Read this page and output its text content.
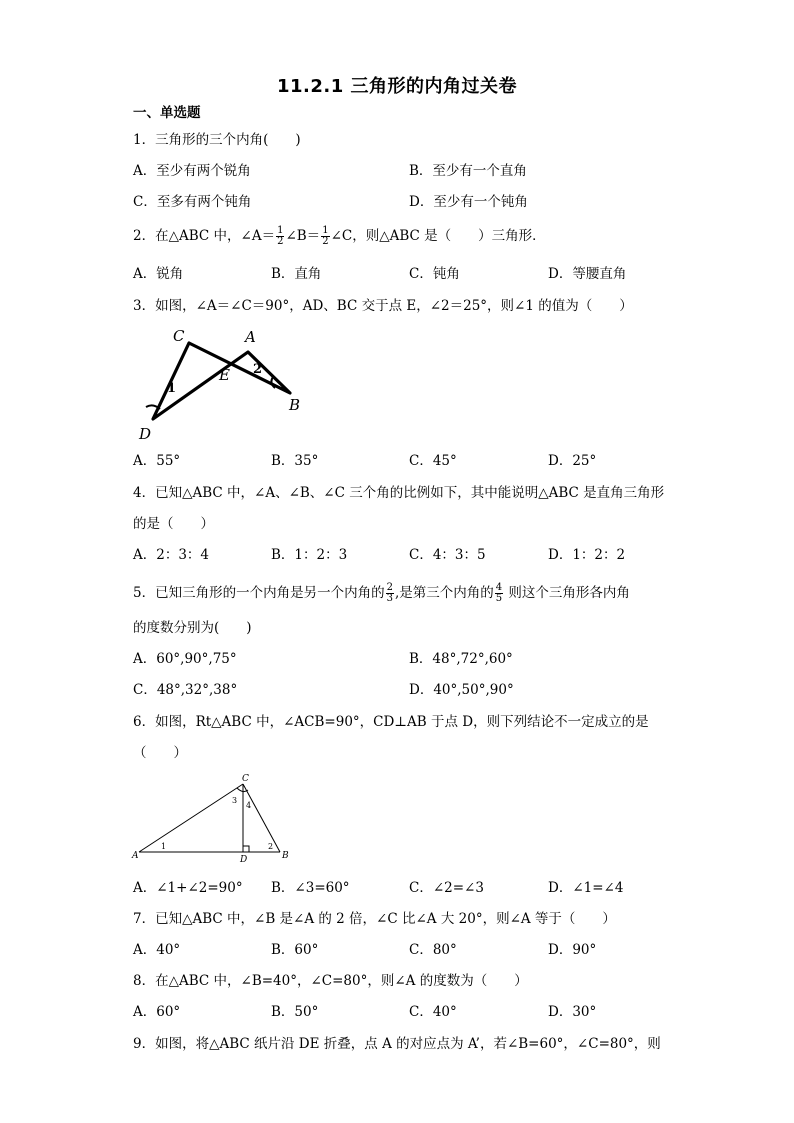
11.2.1 三角形的内角过关卷
一、单选题
1．三角形的三个内角(　　)
A．至少有两个锐角	B．至少有一个直角
C．至多有两个钝角	D．至少有一个钝角
2．在△ABC 中，∠A＝ $\frac{1}{2}$ ∠B＝ $\frac{1}{2}$ ∠C，则△ABC 是（　　）三角形．
A．锐角	B．直角	C．钝角	D．等腰直角
3．如图，∠A＝∠C＝90°，AD、BC 交于点 E，∠2＝25°，则∠1 的值为（　　）
C	A
E
B
D
1
2
A．55°	B．35°	C．45°	D．25°
4．已知△ABC 中，∠A、∠B、∠C 三个角的比例如下，其中能说明△ABC 是直角三角形
的是（　　）
A．2：3：4	B．1：2：3	C．4：3：5	D．1：2：2
5．已知三角形的一个内角是另一个内角的 $\frac{2}{3}$ ,是第三个内角的 $\frac{4}{5}$ 则这个三角形各内角
的度数分别为(　　)
A．60°,90°,75°	B．48°,72°,60°
C．48°,32°,38°	D．40°,50°,90°
6．如图，Rt△ABC 中，∠ACB=90°，CD⊥AB 于点 D，则下列结论不一定成立的是
（　　）
C
A	D	B
1	2
3
4
A．∠1+∠2=90° B．∠3=60°	C．∠2=∠3	D．∠1=∠4
7．已知△ABC 中，∠B 是∠A 的 2 倍，∠C 比∠A 大 20°，则∠A 等于（　　）
A．40°	B．60°	C．80°	D．90°
8．在△ABC 中，∠B=40°，∠C=80°，则∠A 的度数为（　　）
A．60°	B．50°	C．40°	D．30°
9．如图，将△ABC 纸片沿 DE 折叠，点 A 的对应点为 A’，若∠B=60°，∠C=80°，则
